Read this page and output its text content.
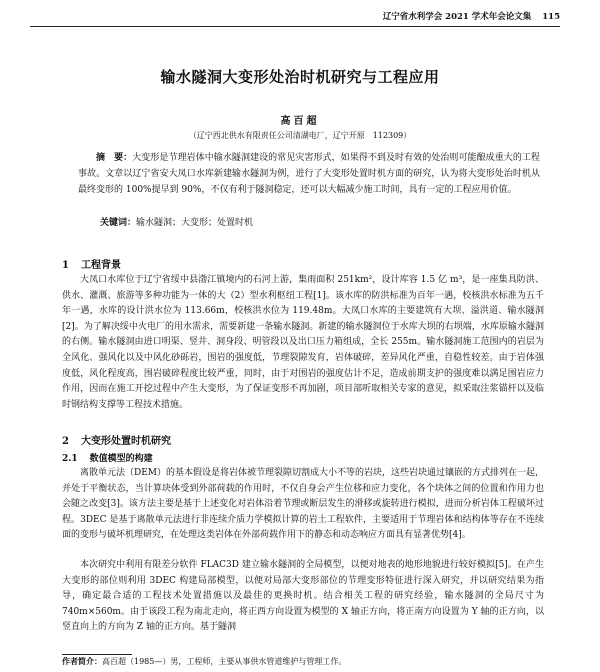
辽宁省水利学会 2021 学术年会论文集 115
输水隧洞大变形处治时机研究与工程应用
高百超
（辽宁西北供水有限责任公司清湖电厂，辽宁开原　112309）
摘　要：大变形是节理岩体中输水隧洞建设的常见灾害形式，如果得不到及时有效的处治则可能酿成重大的工程事故。文章以辽宁省安大凤口水库新建输水隧洞为例，进行了大变形处置时机方面的研究，认为将大变形处治时机从最终变形的 100%提早到 90%，不仅有利于隧洞稳定，还可以大幅减少施工时间，具有一定的工程应用价值。
关键词：输水隧洞；大变形；处置时机
1 工程背景
大凤口水库位于辽宁省绥中县渤江镇境内的石河上游，集雨面积 251km²，设计库容 1.5 亿 m³，是一座集具防洪、供水、灌溉、旅游等多种功能为一体的大（2）型水利枢纽工程[1]。该水库的防洪标准为百年一遇，校核洪水标准为五千年一遇，水库的设计洪水位为 113.66m，校核洪水位为 119.48m。大凤口水库的主要建筑有大坝、溢洪道、输水隧洞[2]。为了解决绥中火电厂的用水需求，需要新建一条输水隧洞。新建的输水隧洞位于水库大坝的右坝端，水库原输水隧洞的右侧。输水隧洞由进口明渠、竖井、洞身段、明管段以及出口压力箱组成，全长 255m。输水隧洞施工范围内的岩层为全风化、强风化以及中风化砂砾岩，围岩的强度低，节理裂隙发育，岩体破碎，差异风化严重，自稳性较差。由于岩体强度低，风化程度高，围岩破碎程度比较严重，同时，由于对围岩的强度估计不足，造成前期支护的强度难以满足围岩应力作用，因而在施工开挖过程中产生大变形，为了保证变形不再加剧，项目部听取相关专家的意见，拟采取注浆锚杆以及临时钢结构支撑等工程技术措施。
2 大变形处置时机研究
2.1 数值模型的构建
离散单元法（DEM）的基本假设是将岩体被节理裂隙切割成大小不等的岩块，这些岩块通过镶嵌的方式排列在一起，并处于平衡状态，当计算块体受到外部荷载的作用时，不仅自身会产生位移和应力变化，各个块体之间的位置和作用力也会随之改变[3]。该方法主要是基于上述变化对岩体沿着节理或断层发生的滑移或旋转进行模拟，进而分析岩体工程破坏过程。3DEC 是基于离散单元法进行非连续介质力学模拟计算的岩土工程软件，主要适用于节理岩体和结构体等存在不连续面的变形与破坏机理研究，在处理这类岩体在外部荷载作用下的静态和动态响应方面具有显著优势[4]。
本次研究中利用有限差分软件 FLAC3D 建立输水隧洞的全局模型，以便对地表的地形地貌进行较好模拟[5]。在产生大变形的部位则利用 3DEC 构建局部模型，以便对局部大变形部位的节理变形特征进行深入研究，并以研究结果为指导，确定最合适的工程技术处置措施以及最佳的更换时机。结合相关工程的研究经验，输水隧洞的全局尺寸为 740m×560m。由于该段工程为南北走向，将正西方向设置为模型的 X 轴正方向，将正南方向设置为 Y 轴的正方向，以竖直向上的方向为 Z 轴的正方向。基于隧洞
作者简介：高百超（1985—）男，工程师，主要从事供水管道维护与管理工作。
